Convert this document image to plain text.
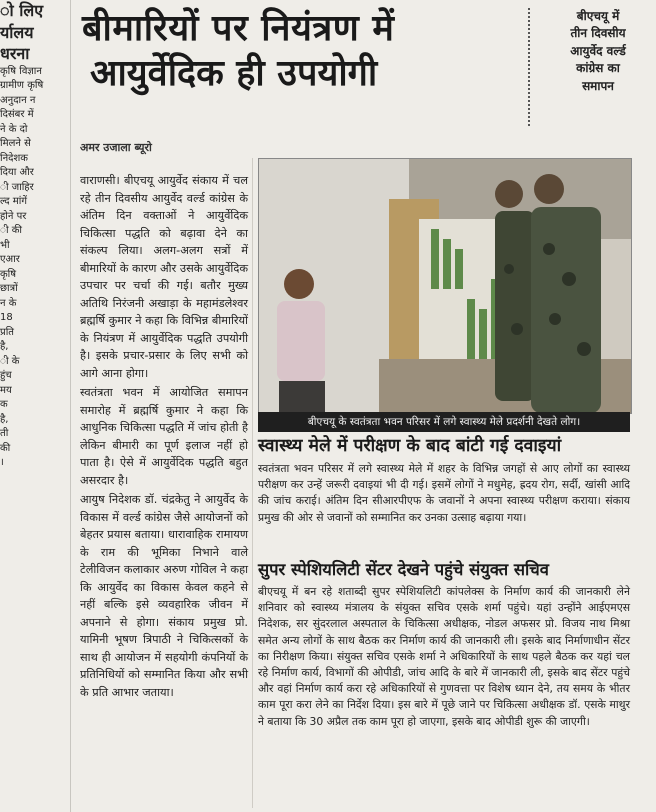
ो लिए
र्यालय
धरना
कृषि विज्ञान
ग्रामीण कृषि
अनुदान न
दिसंबर में
ने के दो
मिलने से
निदेशक
दिया और
ी जाहिर
ल्द मांगें
होने पर
ी की
भी
एआर
कृषि
छात्रों
न के
18
प्रति
है,
ी के
हुंच
मय
क
है,
ती
की
।
बीमारियों पर नियंत्रण में
आयुर्वेदिक ही उपयोगी
बीएचयू में
तीन दिवसीय
आयुर्वेद वर्ल्ड
कांग्रेस का
समापन
अमर उजाला ब्यूरो

वाराणसी। बीएचयू आयुर्वेद संकाय में चल रहे तीन दिवसीय आयुर्वेद वर्ल्ड कांग्रेस के अंतिम दिन वक्ताओं ने आयुर्वेदिक चिकित्सा पद्धति को बढ़ावा देने का संकल्प लिया। अलग-अलग सत्रों में बीमारियों के कारण और उसके आयुर्वेदिक उपचार पर चर्चा की गई। बतौर मुख्य अतिथि निरंजनी अखाड़ा के महामंडलेश्वर ब्रह्मर्षि कुमार ने कहा कि विभिन्न बीमारियों के नियंत्रण में आयुर्वेदिक पद्धति उपयोगी है। इसके प्रचार-प्रसार के लिए सभी को आगे आना होगा।

स्वतंत्रता भवन में आयोजित समापन समारोह में ब्रह्मर्षि कुमार ने कहा कि आधुनिक चिकित्सा पद्धति में जांच होती है लेकिन बीमारी का पूर्ण इलाज नहीं हो पाता है। ऐसे में आयुर्वेदिक पद्धति बहुत असरदार है।

आयुष निदेशक डॉ. चंद्रकेतु ने आयुर्वेद के विकास में वर्ल्ड कांग्रेस जैसे आयोजनों को बेहतर प्रयास बताया। धारावाहिक रामायण के राम की भूमिका निभाने वाले टेलीविजन कलाकार अरुण गोविल ने कहा कि आयुर्वेद का विकास केवल कहने से नहीं बल्कि इसे व्यवहारिक जीवन में अपनाने से होगा। संकाय प्रमुख प्रो. यामिनी भूषण त्रिपाठी ने चिकित्सकों के साथ ही आयोजन में सहयोगी कंपनियों के प्रतिनिधियों को सम्मानित किया और सभी के प्रति आभार जताया।

बीएचयू के स्वतंत्रता भवन परिसर में लगे स्वास्थ्य मेले प्रदर्शनी देखते लोग।
स्वास्थ्य मेले में परीक्षण के बाद बांटी गई दवाइयां
स्वतंत्रता भवन परिसर में लगे स्वास्थ्य मेले में शहर के विभिन्न जगहों से आए लोगों का स्वास्थ्य परीक्षण कर उन्हें जरूरी दवाइयां भी दी गई। इसमें लोगों ने मधुमेह, ह्रदय रोग, सर्दी, खांसी आदि की जांच कराई। अंतिम दिन सीआरपीएफ के जवानों ने अपना स्वास्थ्य परीक्षण कराया। संकाय प्रमुख की ओर से जवानों को सम्मानित कर उनका उत्साह बढ़ाया गया।
सुपर स्पेशियलिटी सेंटर देखने पहुंचे संयुक्त सचिव
बीएचयू में बन रहे शताब्दी सुपर स्पेशियलिटी कांपलेक्स के निर्माण कार्य की जानकारी लेने शनिवार को स्वास्थ्य मंत्रालय के संयुक्त सचिव एसके शर्मा पहुंचे। यहां उन्होंने आईएमएस निदेशक, सर सुंदरलाल अस्पताल के चिकित्सा अधीक्षक, नोडल अफसर प्रो. विजय नाथ मिश्रा समेत अन्य लोगों के साथ बैठक कर निर्माण कार्य की जानकारी ली। इसके बाद निर्माणाधीन सेंटर का निरीक्षण किया। संयुक्त सचिव एसके शर्मा ने अधिकारियों के साथ पहले बैठक कर यहां चल रहे निर्माण कार्य, विभागों की ओपीडी, जांच आदि के बारे में जानकारी ली, इसके बाद सेंटर पहुंचे और वहां निर्माण कार्य करा रहे अधिकारियों से गुणवत्ता पर विशेष ध्यान देने, तय समय के भीतर काम पूरा करा लेने का निर्देश दिया। इस बारे में पूछे जाने पर चिकित्सा अधीक्षक डॉ. एसके माथुर ने बताया कि 30 अप्रैल तक काम पूरा हो जाएगा, इसके बाद ओपीडी शुरू की जाएगी।
